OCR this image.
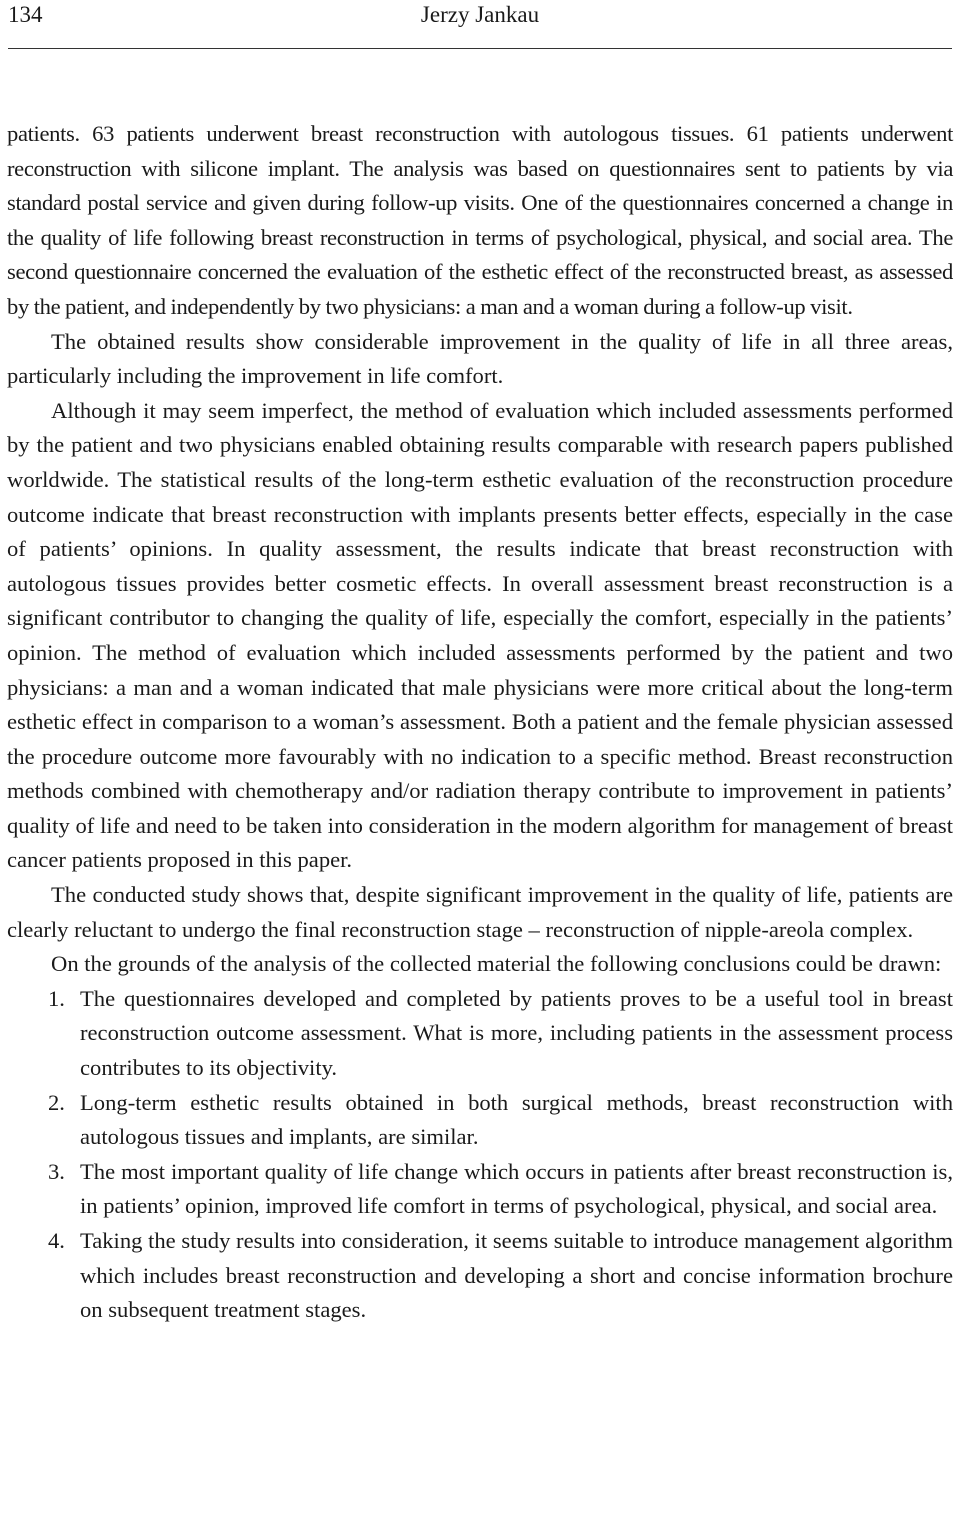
134	Jerzy Jankau

patients. 63 patients underwent breast reconstruction with autologous tissues. 61 patients underwent reconstruction with silicone implant. The analysis was based on questionnaires sent to patients by via standard postal service and given during follow-up visits. One of the questionnaires concerned a change in the quality of life following breast reconstruction in terms of psychological, physical, and social area. The second questionnaire concerned the evaluation of the esthetic effect of the reconstructed breast, as assessed by the patient, and independently by two physicians: a man and a woman during a follow-up visit.

The obtained results show considerable improvement in the quality of life in all three areas, particularly including the improvement in life comfort.

Although it may seem imperfect, the method of evaluation which included assessments performed by the patient and two physicians enabled obtaining results comparable with research papers published worldwide. The statistical results of the long-term esthetic evaluation of the reconstruction procedure outcome indicate that breast reconstruction with implants presents better effects, especially in the case of patients’ opinions. In quality assessment, the results indicate that breast reconstruction with autologous tissues provides better cosmetic effects. In overall assessment breast reconstruction is a significant contributor to changing the quality of life, especially the comfort, especially in the patients’ opinion. The method of evaluation which included assessments performed by the patient and two physicians: a man and a woman indicated that male physicians were more critical about the long-term esthetic effect in comparison to a woman’s assessment. Both a patient and the female physician assessed the procedure outcome more favourably with no indication to a specific method. Breast reconstruction methods combined with chemotherapy and/or radiation therapy contribute to improvement in patients’ quality of life and need to be taken into consideration in the modern algorithm for management of breast cancer patients proposed in this paper.

The conducted study shows that, despite significant improvement in the quality of life, patients are clearly reluctant to undergo the final reconstruction stage – reconstruction of nipple-areola complex.

On the grounds of the analysis of the collected material the following conclusions could be drawn:

1. The questionnaires developed and completed by patients proves to be a useful tool in breast reconstruction outcome assessment. What is more, including patients in the assessment process contributes to its objectivity.
2. Long-term esthetic results obtained in both surgical methods, breast reconstruction with autologous tissues and implants, are similar.
3. The most important quality of life change which occurs in patients after breast reconstruction is, in patients’ opinion, improved life comfort in terms of psychological, physical, and social area.
4. Taking the study results into consideration, it seems suitable to introduce management algorithm which includes breast reconstruction and developing a short and concise information brochure on subsequent treatment stages.
